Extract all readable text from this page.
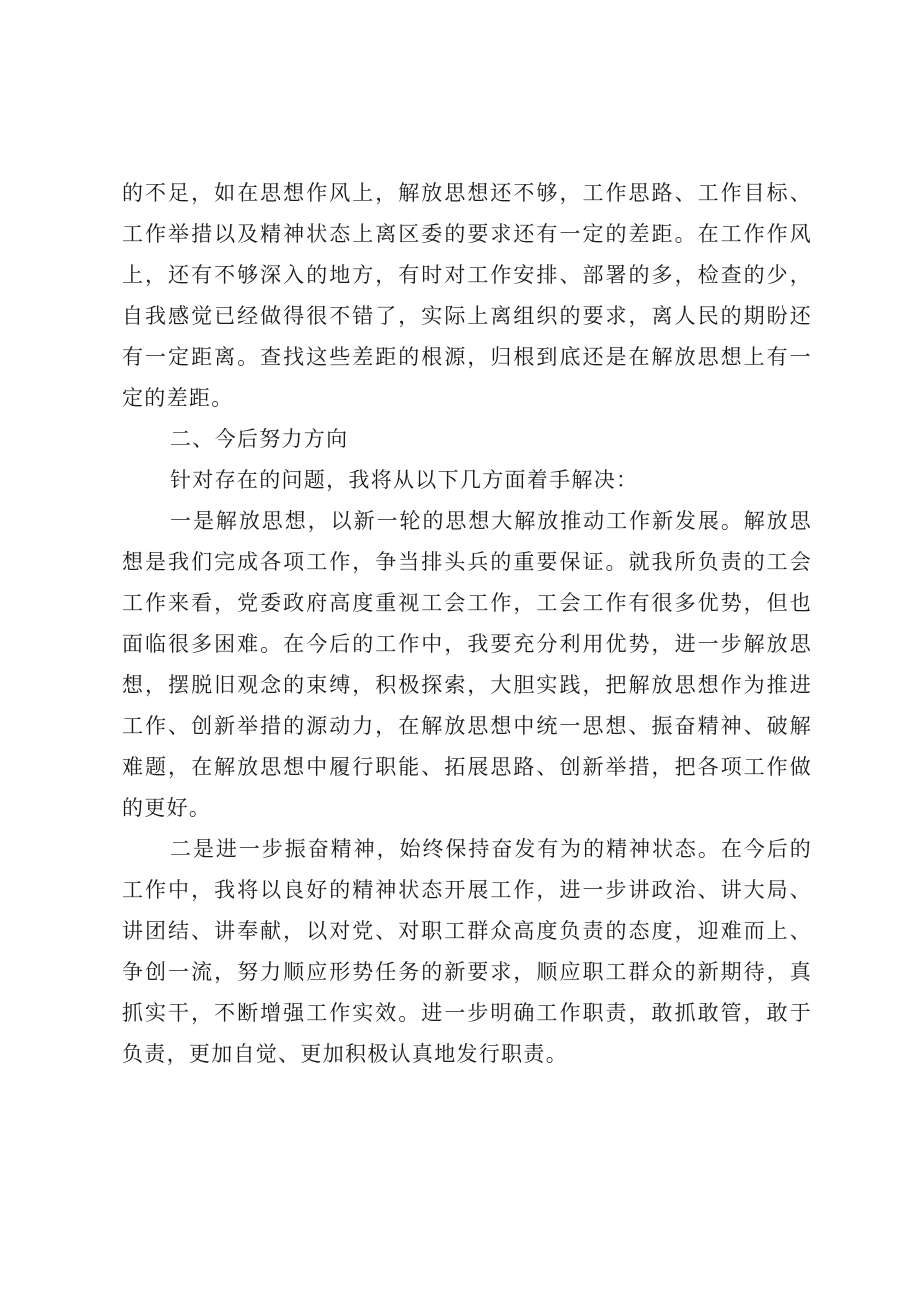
的不足，如在思想作风上，解放思想还不够，工作思路、工作目标、工作举措以及精神状态上离区委的要求还有一定的差距。在工作作风上，还有不够深入的地方，有时对工作安排、部署的多，检查的少，自我感觉已经做得很不错了，实际上离组织的要求，离人民的期盼还有一定距离。查找这些差距的根源，归根到底还是在解放思想上有一定的差距。

二、今后努力方向

针对存在的问题，我将从以下几方面着手解决：

一是解放思想，以新一轮的思想大解放推动工作新发展。解放思想是我们完成各项工作，争当排头兵的重要保证。就我所负责的工会工作来看，党委政府高度重视工会工作，工会工作有很多优势，但也面临很多困难。在今后的工作中，我要充分利用优势，进一步解放思想，摆脱旧观念的束缚，积极探索，大胆实践，把解放思想作为推进工作、创新举措的源动力，在解放思想中统一思想、振奋精神、破解难题，在解放思想中履行职能、拓展思路、创新举措，把各项工作做的更好。

二是进一步振奋精神，始终保持奋发有为的精神状态。在今后的工作中，我将以良好的精神状态开展工作，进一步讲政治、讲大局、讲团结、讲奉献，以对党、对职工群众高度负责的态度，迎难而上、争创一流，努力顺应形势任务的新要求，顺应职工群众的新期待，真抓实干，不断增强工作实效。进一步明确工作职责，敢抓敢管，敢于负责，更加自觉、更加积极认真地发行职责。
